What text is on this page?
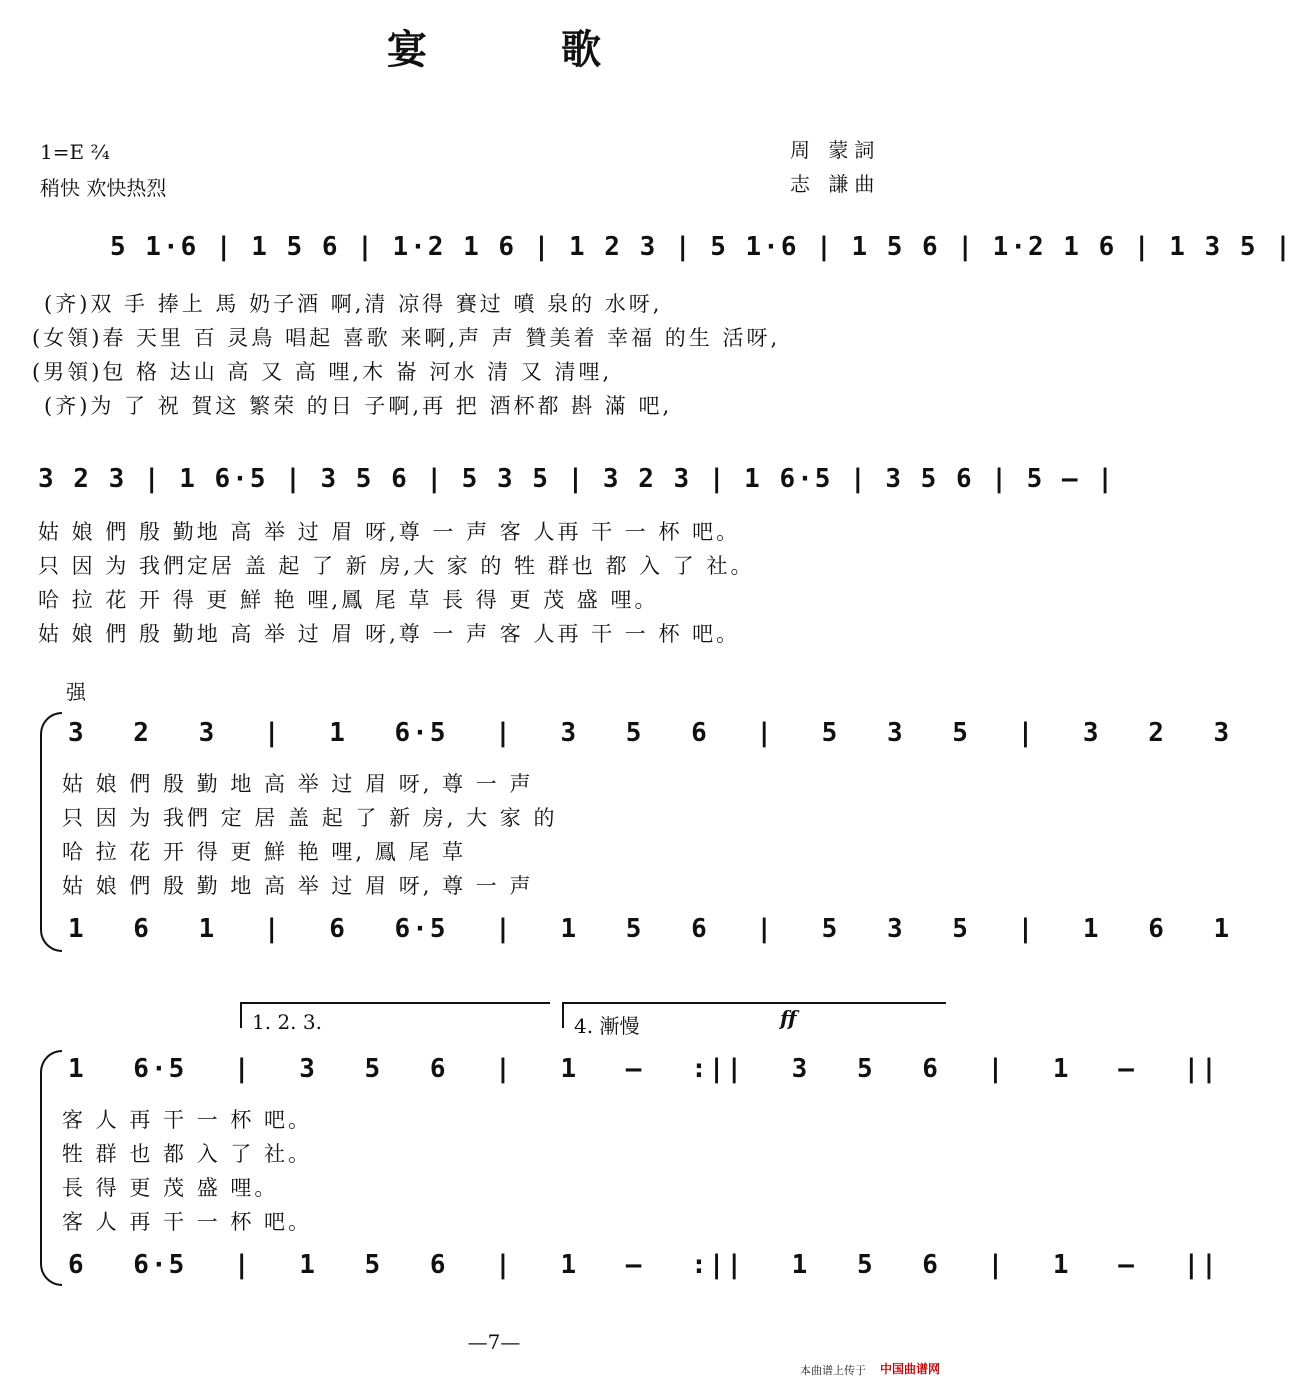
宴 歌
1=E ²⁄₄
稍快 欢快热烈
周 蒙詞
志 謙曲
5 1·6 | 1 5 6 | 1·2 1 6 | 1 2 3 | 5 1·6 | 1 5 6 | 1·2 1 6 | 1 3 5 |
(齐)双 手 捧上 馬 奶子酒 啊,清 凉得 賽过 噴 泉的 水呀,
(女領)春 天里 百 灵鳥 唱起 喜歌 来啊,声 声 贊美着 幸福 的生 活呀,
(男領)包 格 达山 高 又 高 哩,木 崙 河水 清 又 清哩,
(齐)为 了 祝 賀这 繁荣 的日 子啊,再 把 酒杯都 斟 滿 吧,
3 2 3 | 1 6·5 | 3 5 6 | 5 3 5 | 3 2 3 | 1 6·5 | 3 5 6 | 5 — |
姑 娘 們 殷 勤地 高 举 过 眉 呀,尊 一 声 客 人再 干 一 杯 吧。
只 因 为 我們定居 盖 起 了 新 房,大 家 的 牲 群也 都 入 了 社。
哈 拉 花 开 得 更 鮮 艳 哩,鳳 尾 草 長 得 更 茂 盛 哩。
姑 娘 們 殷 勤地 高 举 过 眉 呀,尊 一 声 客 人再 干 一 杯 吧。
强
3 2 3 | 1 6·5 | 3 5 6 | 5 3 5 | 3 2 3
姑 娘 們 殷 勤 地 高 举 过 眉 呀, 尊 一 声
只 因 为 我們 定 居 盖 起 了 新 房, 大 家 的
哈 拉 花 开 得 更 鮮 艳 哩, 鳳 尾 草
姑 娘 們 殷 勤 地 高 举 过 眉 呀, 尊 一 声
1 6 1 | 6 6·5 | 1 5 6 | 5 3 5 | 1 6 1
1. 2. 3.	4. 漸慢	ff
1 6·5 | 3 5 6 | 1 — :|| 3 5 6 | 1 — ||
客 人 再 干 一 杯 吧。
牲 群 也 都 入 了 社。
長 得 更 茂 盛 哩。
客 人 再 干 一 杯 吧。
6 6·5 | 1 5 6 | 1 — :|| 1 5 6 | 1 — ||
—7—
本曲谱上传于 中国曲谱网
